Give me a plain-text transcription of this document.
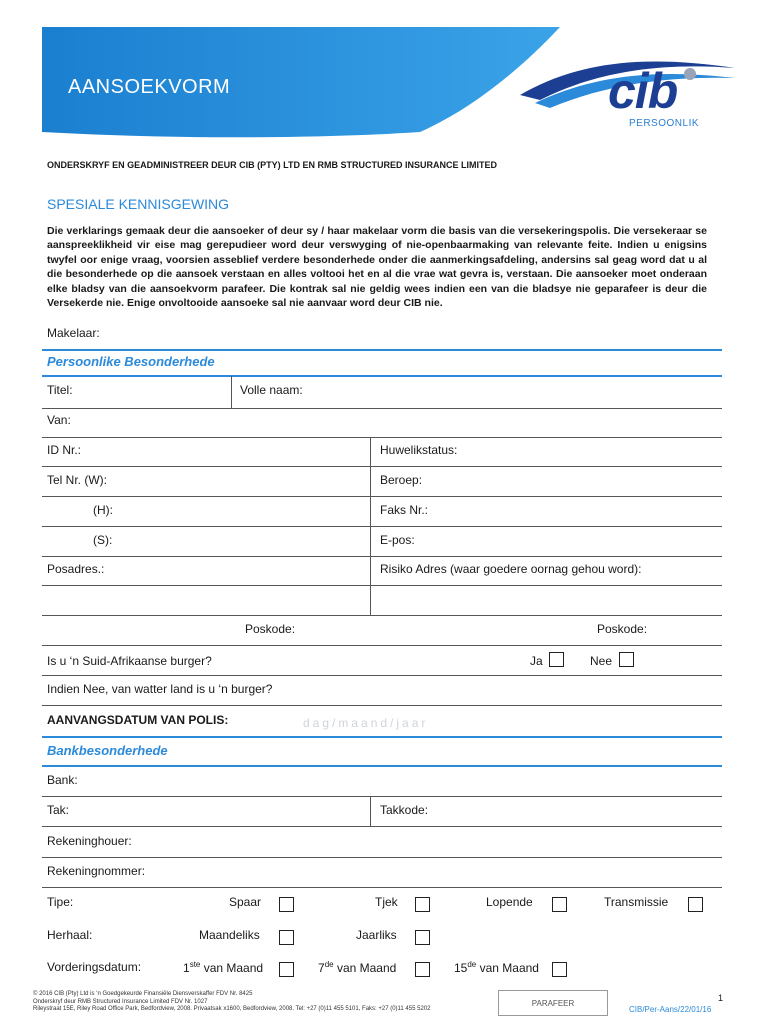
AANSOEKVORM	cib
PERSOONLIK
ONDERSKRYF EN GEADMINISTREER DEUR CIB (PTY) LTD EN RMB STRUCTURED INSURANCE LIMITED
SPESIALE KENNISGEWING
Die verklarings gemaak deur die aansoeker of deur sy / haar makelaar vorm die basis van die versekeringspolis. Die versekeraar se aanspreeklikheid vir eise mag gerepudieer word deur verswyging of nie-openbaarmaking van relevante feite. Indien u enigsins twyfel oor enige vraag, voorsien asseblief verdere besonderhede onder die aanmerkingsafdeling, andersins sal geag word dat u al die besonderhede op die aansoek verstaan en alles voltooi het en al die vrae wat gevra is, verstaan. Die aansoeker moet onderaan elke bladsy van die aansoekvorm parafeer. Die kontrak sal nie geldig wees indien een van die bladsye nie geparafeer is deur die Versekerde nie. Enige onvoltooide aansoeke sal nie aanvaar word deur CIB nie.
Makelaar:
Persoonlike Besonderhede
Titel:	Volle naam:
Van:
ID Nr.:	Huwelikstatus:
Tel Nr. (W):	Beroep:
(H):	Faks Nr.:
(S):	E-pos:
Posadres.:	Risiko Adres (waar goedere oornag gehou word):
Poskode:	Poskode:
Is u ‘n Suid-Afrikaanse burger?	Ja	Nee
Indien Nee, van watter land is u ‘n burger?
AANVANGSDATUM VAN POLIS:	dag/maand/jaar
Bankbesonderhede
Bank:
Tak:	Takkode:
Rekeninghouer:
Rekeningnommer:
Tipe:	Spaar	Tjek	Lopende	Transmissie
Herhaal:	Maandeliks	Jaarliks
Vorderingsdatum:	1ste van Maand	7de van Maand	15de van Maand
© 2016 CIB (Pty) Ltd is ‘n Goedgekeurde Finansiële Diensverskaffer FDV Nr. 8425
Onderskryf deur RMB Structured Insurance Limited FDV Nr. 1027
Rileystraat 15E, Riley Road Office Park, Bedfordview, 2008. Privaatsak x1600, Bedfordview, 2008. Tel: +27 (0)11 455 5101, Faks: +27 (0)11 455 5202
PARAFEER
1
CIB/Per-Aans/22/01/16
